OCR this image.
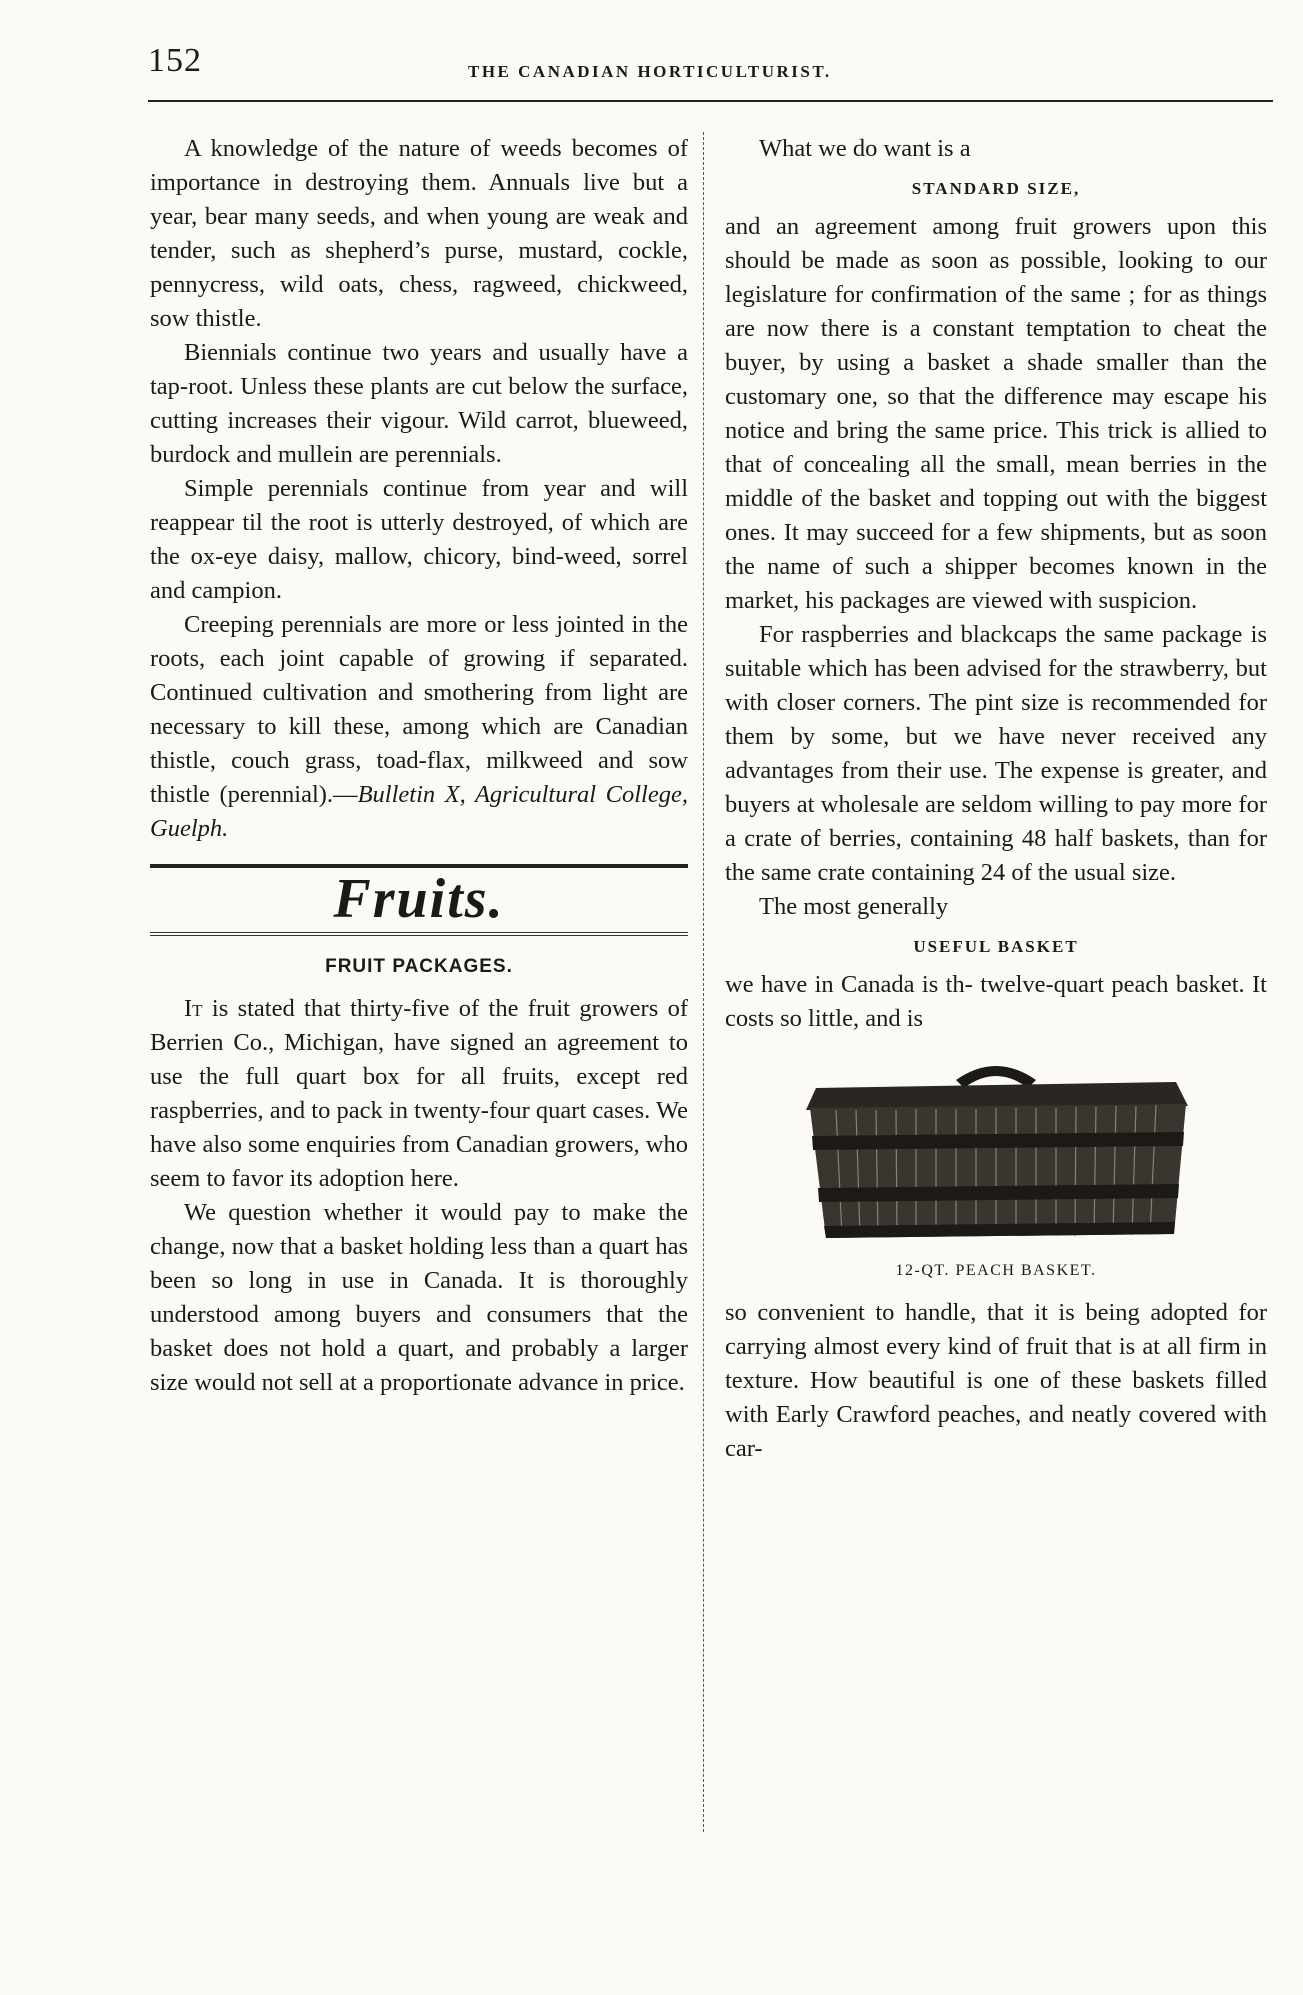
152	THE CANADIAN HORTICULTURIST.

A knowledge of the nature of weeds becomes of importance in destroying them. Annuals live but a year, bear many seeds, and when young are weak and tender, such as shepherd’s purse, mustard, cockle, pennycress, wild oats, chess, ragweed, chickweed, sow thistle.

Biennials continue two years and usually have a tap-root. Unless these plants are cut below the surface, cutting increases their vigour. Wild carrot, blueweed, burdock and mullein are perennials.

Simple perennials continue from year and will reappear til the root is utterly destroyed, of which are the ox-eye daisy, mallow, chicory, bind-weed, sorrel and campion.

Creeping perennials are more or less jointed in the roots, each joint capable of growing if separated. Continued cultivation and smothering from light are necessary to kill these, among which are Canadian thistle, couch grass, toad-flax, milkweed and sow thistle (perennial).—Bulletin X, Agricultural College, Guelph.

Fruits.
FRUIT PACKAGES.

It is stated that thirty-five of the fruit growers of Berrien Co., Michigan, have signed an agreement to use the full quart box for all fruits, except red raspberries, and to pack in twenty-four quart cases. We have also some enquiries from Canadian growers, who seem to favor its adoption here.

We question whether it would pay to make the change, now that a basket holding less than a quart has been so long in use in Canada. It is thoroughly understood among buyers and consumers that the basket does not hold a quart, and probably a larger size would not sell at a proportionate advance in price.

What we do want is a

STANDARD SIZE,

and an agreement among fruit growers upon this should be made as soon as possible, looking to our legislature for confirmation of the same ; for as things are now there is a constant temptation to cheat the buyer, by using a basket a shade smaller than the customary one, so that the difference may escape his notice and bring the same price. This trick is allied to that of concealing all the small, mean berries in the middle of the basket and topping out with the biggest ones. It may succeed for a few shipments, but as soon the name of such a shipper becomes known in the market, his packages are viewed with suspicion.

For raspberries and blackcaps the same package is suitable which has been advised for the strawberry, but with closer corners. The pint size is recommended for them by some, but we have never received any advantages from their use. The expense is greater, and buyers at wholesale are seldom willing to pay more for a crate of berries, containing 48 half baskets, than for the same crate containing 24 of the usual size.

The most generally

USEFUL BASKET

we have in Canada is th‑ twelve-quart peach basket. It costs so little, and is

12-QT. PEACH BASKET.

so convenient to handle, that it is being adopted for carrying almost every kind of fruit that is at all firm in texture. How beautiful is one of these baskets filled with Early Crawford peaches, and neatly covered with car-
